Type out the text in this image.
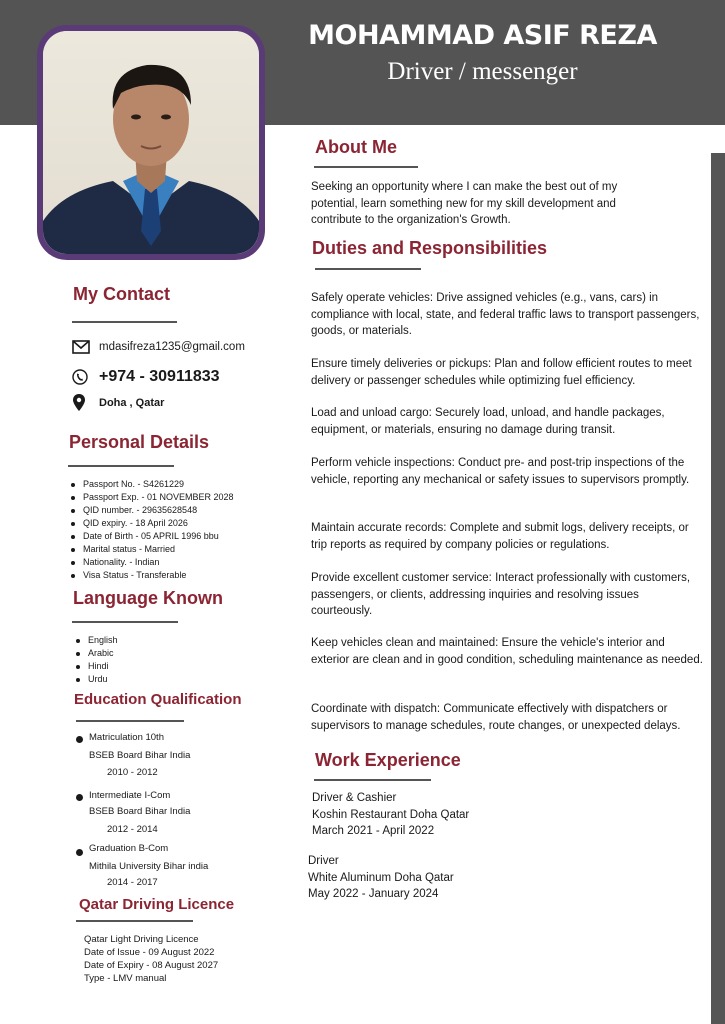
MOHAMMAD ASIF REZA
Driver / messenger
My Contact
mdasifreza1235@gmail.com
+974 - 30911833
Doha , Qatar
Personal Details
Passport No. - S4261229
Passport Exp. - 01 NOVEMBER 2028
QID number. - 29635628548
QID expiry. - 18 April 2026
Date of Birth - 05 APRIL 1996 bbu
Marital status - Married
Nationality. - Indian
Visa Status - Transferable
Language Known
English
Arabic
Hindi
Urdu
Education Qualification
Matriculation 10th
BSEB Board Bihar India
2010 - 2012
Intermediate I-Com
BSEB Board Bihar India
2012 - 2014
Graduation B-Com
Mithila University Bihar india
2014 - 2017
Qatar Driving Licence
Qatar Light Driving Licence
Date of Issue - 09 August 2022
Date of Expiry - 08 August 2027
Type - LMV manual
About Me
Seeking an opportunity where I can make the best out of my potential, learn something new for my skill development and contribute to the organization's Growth.
Duties and Responsibilities
Safely operate vehicles: Drive assigned vehicles (e.g., vans, cars) in compliance with local, state, and federal traffic laws to transport passengers, goods, or materials.
Ensure timely deliveries or pickups: Plan and follow efficient routes to meet delivery or passenger schedules while optimizing fuel efficiency.
Load and unload cargo: Securely load, unload, and handle packages, equipment, or materials, ensuring no damage during transit.
Perform vehicle inspections: Conduct pre- and post-trip inspections of the vehicle, reporting any mechanical or safety issues to supervisors promptly.
Maintain accurate records: Complete and submit logs, delivery receipts, or trip reports as required by company policies or regulations.
Provide excellent customer service: Interact professionally with customers, passengers, or clients, addressing inquiries and resolving issues courteously.
Keep vehicles clean and maintained: Ensure the vehicle's interior and exterior are clean and in good condition, scheduling maintenance as needed.
Coordinate with dispatch: Communicate effectively with dispatchers or supervisors to manage schedules, route changes, or unexpected delays.
Work Experience
Driver & Cashier
Koshin Restaurant Doha Qatar
March 2021 - April 2022
Driver
White Aluminum Doha Qatar
May 2022 - January 2024
